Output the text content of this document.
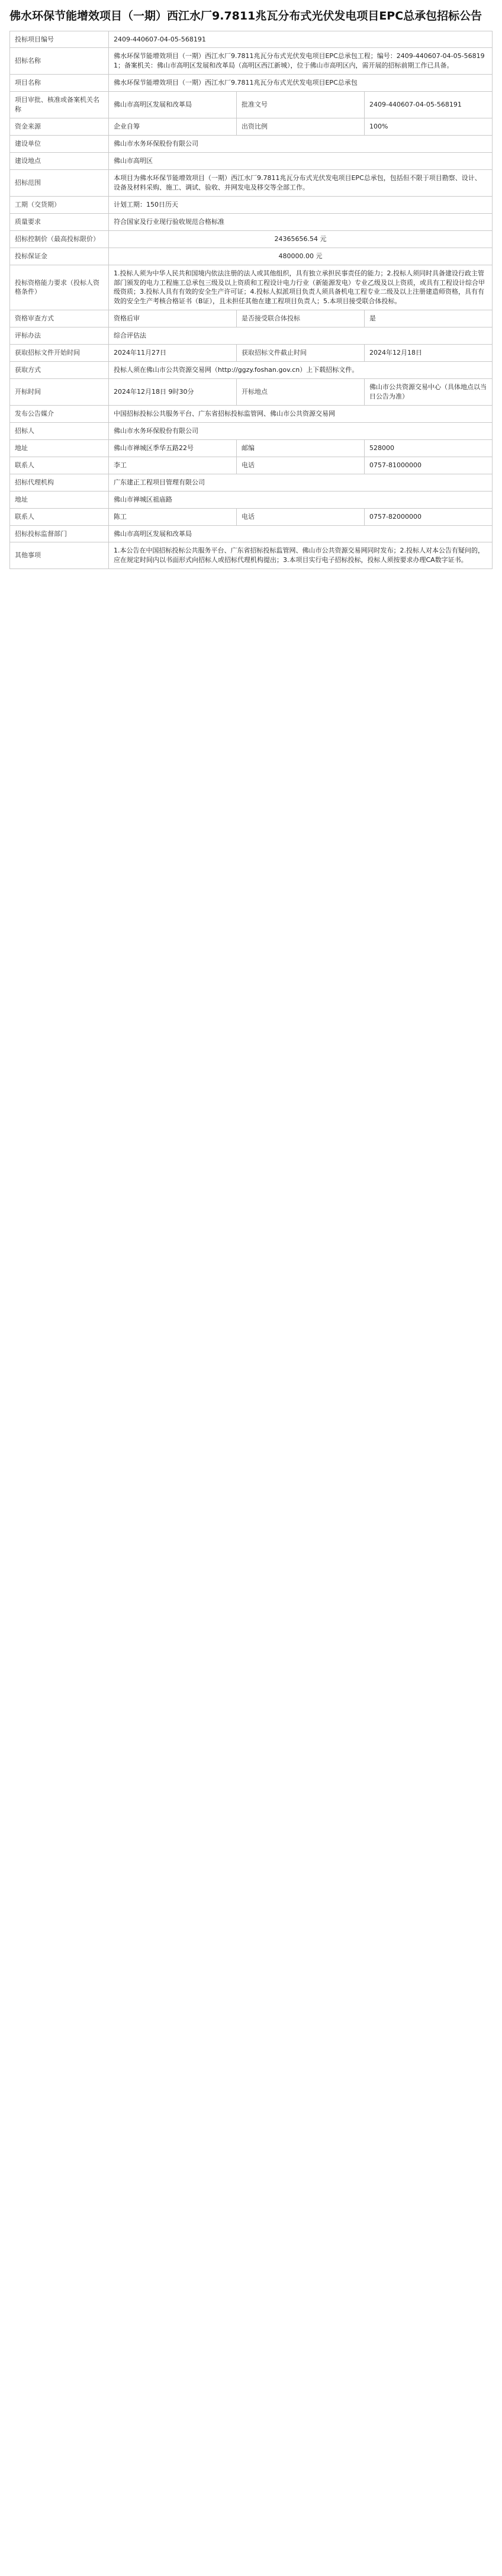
佛水环保节能增效项目（一期）西江水厂9.7811兆瓦分布式光伏发电项目EPC总承包招标公告
投标项目编号	2409-440607-04-05-568191		
招标名称	佛水环保节能增效项目（一期）西江水厂9.7811兆瓦分布式光伏发电项目EPC总承包工程；编号：2409-440607-04-05-568191；备案机关：佛山市高明区发展和改革局（高明区西江新城），位于佛山市高明区内，需开展的招标前期工作已具备。		
项目名称	佛水环保节能增效项目（一期）西江水厂9.7811兆瓦分布式光伏发电项目EPC总承包		
项目审批、核准或备案机关名称	佛山市高明区发展和改革局	批准文号	2409-440607-04-05-568191
资金来源	企业自筹	出资比例	100%
建设单位	佛山市水务环保股份有限公司		
建设地点	佛山市高明区		
招标范围	本项目为佛水环保节能增效项目（一期）西江水厂9.7811兆瓦分布式光伏发电项目EPC总承包，包括但不限于项目勘察、设计、设备及材料采购、施工、调试、验收、并网发电及移交等全部工作。		
工期（交货期）	计划工期：150日历天		
质量要求	符合国家及行业现行验收规范合格标准		
招标控制价（最高投标限价）	24365656.54 元		
投标保证金	480000.00 元		
投标资格能力要求（投标人资格条件）	1.投标人须为中华人民共和国境内依法注册的法人或其他组织，具有独立承担民事责任的能力；2.投标人须同时具备建设行政主管部门颁发的电力工程施工总承包三级及以上资质和工程设计电力行业（新能源发电）专业乙级及以上资质，或具有工程设计综合甲级资质；3.投标人具有有效的安全生产许可证；4.投标人拟派项目负责人须具备机电工程专业二级及以上注册建造师资格，具有有效的安全生产考核合格证书（B证），且未担任其他在建工程项目负责人；5.本项目接受联合体投标。		
资格审查方式	资格后审	是否接受联合体投标	是
评标办法	综合评估法		
获取招标文件开始时间	2024年11月27日	获取招标文件截止时间	2024年12月18日
获取方式	投标人须在佛山市公共资源交易网（http://ggzy.foshan.gov.cn）上下载招标文件。		
开标时间	2024年12月18日 9时30分	开标地点	佛山市公共资源交易中心（具体地点以当日公告为准）
发布公告媒介	中国招标投标公共服务平台、广东省招标投标监管网、佛山市公共资源交易网		
招标人	佛山市水务环保股份有限公司		
地址	佛山市禅城区季华五路22号	邮编	528000
联系人	李工	电话	0757-81000000
招标代理机构	广东建正工程项目管理有限公司		
地址	佛山市禅城区祖庙路		
联系人	陈工	电话	0757-82000000
招标投标监督部门	佛山市高明区发展和改革局		
其他事项	1.本公告在中国招标投标公共服务平台、广东省招标投标监管网、佛山市公共资源交易网同时发布；2.投标人对本公告有疑问的，应在规定时间内以书面形式向招标人或招标代理机构提出；3.本项目实行电子招标投标，投标人须按要求办理CA数字证书。		
